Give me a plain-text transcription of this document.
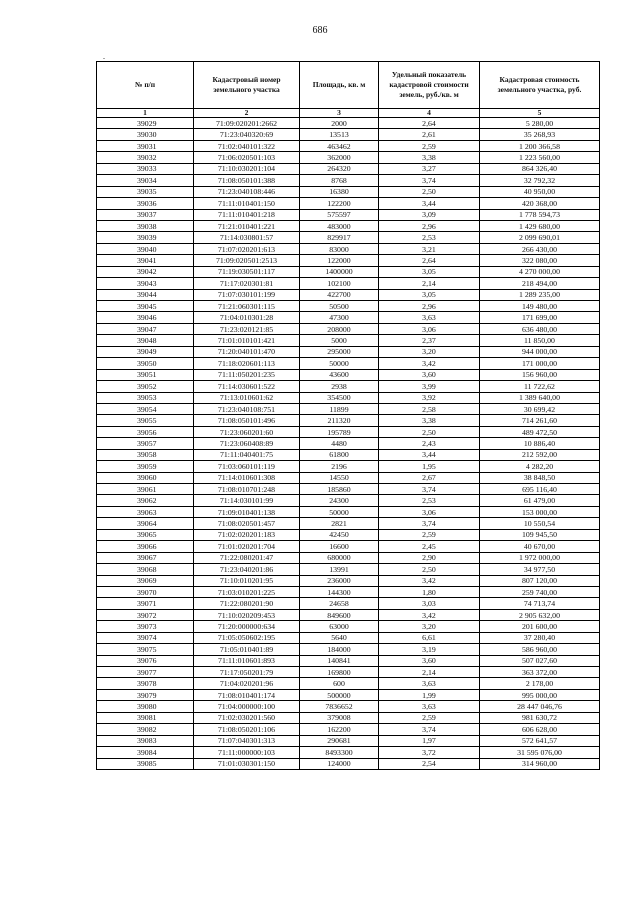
686
.
№ п/п	Кадастровый номер земельного участка	Площадь, кв. м	Удельный показатель кадастровой стоимости земель, руб./кв. м	Кадастровая стоимость земельного участка, руб.
1	2	3	4	5
39029	71:09:020201:2662	2000	2,64	5 280,00
39030	71:23:040320:69	13513	2,61	35 268,93
39031	71:02:040101:322	463462	2,59	1 200 366,58
39032	71:06:020501:103	362000	3,38	1 223 560,00
39033	71:10:030201:104	264320	3,27	864 326,40
39034	71:08:050101:388	8768	3,74	32 792,32
39035	71:23:040108:446	16380	2,50	40 950,00
39036	71:11:010401:150	122200	3,44	420 368,00
39037	71:11:010401:218	575597	3,09	1 778 594,73
39038	71:21:010401:221	483000	2,96	1 429 680,00
39039	71:14:030801:57	829917	2,53	2 099 690,01
39040	71:07:020201:613	83000	3,21	266 430,00
39041	71:09:020501:2513	122000	2,64	322 080,00
39042	71:19:030501:117	1400000	3,05	4 270 000,00
39043	71:17:020301:81	102100	2,14	218 494,00
39044	71:07:030101:199	422700	3,05	1 289 235,00
39045	71:21:060301:115	50500	2,96	149 480,00
39046	71:04:010301:28	47300	3,63	171 699,00
39047	71:23:020121:85	208000	3,06	636 480,00
39048	71:01:010101:421	5000	2,37	11 850,00
39049	71:20:040101:470	295000	3,20	944 000,00
39050	71:18:020601:113	50000	3,42	171 000,00
39051	71:11:050201:235	43600	3,60	156 960,00
39052	71:14:030601:522	2938	3,99	11 722,62
39053	71:13:010601:62	354500	3,92	1 389 640,00
39054	71:23:040108:751	11899	2,58	30 699,42
39055	71:08:050101:496	211320	3,38	714 261,60
39056	71:23:060201:60	195789	2,50	489 472,50
39057	71:23:060408:89	4480	2,43	10 886,40
39058	71:11:040401:75	61800	3,44	212 592,00
39059	71:03:060101:119	2196	1,95	4 282,20
39060	71:14:010601:308	14550	2,67	38 848,50
39061	71:08:010701:248	185860	3,74	695 116,40
39062	71:14:030101:99	24300	2,53	61 479,00
39063	71:09:010401:138	50000	3,06	153 000,00
39064	71:08:020501:457	2821	3,74	10 550,54
39065	71:02:020201:183	42450	2,59	109 945,50
39066	71:01:020201:704	16600	2,45	40 670,00
39067	71:22:080201:47	680000	2,90	1 972 000,00
39068	71:23:040201:86	13991	2,50	34 977,50
39069	71:10:010201:95	236000	3,42	807 120,00
39070	71:03:010201:225	144300	1,80	259 740,00
39071	71:22:080201:90	24658	3,03	74 713,74
39072	71:10:020209:453	849600	3,42	2 905 632,00
39073	71:20:000000:634	63000	3,20	201 600,00
39074	71:05:050602:195	5640	6,61	37 280,40
39075	71:05:010401:89	184000	3,19	586 960,00
39076	71:11:010601:893	140841	3,60	507 027,60
39077	71:17:050201:79	169800	2,14	363 372,00
39078	71:04:020201:96	600	3,63	2 178,00
39079	71:08:010401:174	500000	1,99	995 000,00
39080	71:04:000000:100	7836652	3,63	28 447 046,76
39081	71:02:030201:560	379008	2,59	981 630,72
39082	71:08:050201:106	162200	3,74	606 628,00
39083	71:07:040301:313	290681	1,97	572 641,57
39084	71:11:000000:103	8493300	3,72	31 595 076,00
39085	71:01:030301:150	124000	2,54	314 960,00
